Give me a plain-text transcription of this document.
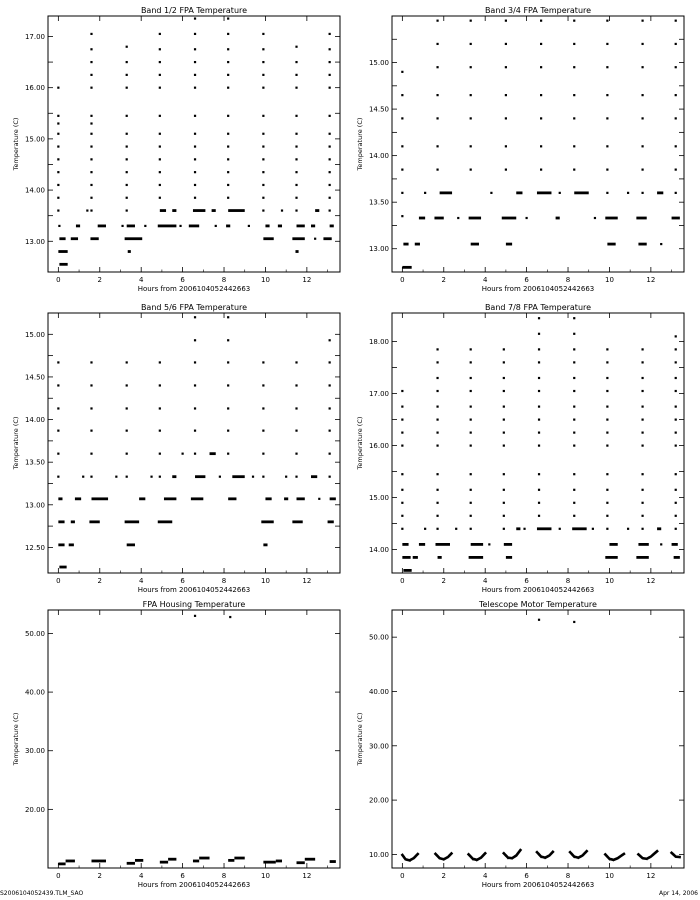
Band 1/2 FPA Temperature
0	2	4	6	8	10	12
Hours from 2006104052442663
13.00
14.00
15.00
16.00
17.00
Temperature (C)
Band 3/4 FPA Temperature
0	2	4	6	8	10	12
Hours from 2006104052442663
13.00
13.50
14.00
14.50
15.00
Temperature (C)
Band 5/6 FPA Temperature
0	2	4	6	8	10	12
Hours from 2006104052442663
12.50
13.00
13.50
14.00
14.50
15.00
Temperature (C)
Band 7/8 FPA Temperature
0	2	4	6	8	10	12
Hours from 2006104052442663
14.00
15.00
16.00
17.00
18.00
Temperature (C)
FPA Housing Temperature
0	2	4	6	8	10	12
Hours from 2006104052442663
20.00
30.00
40.00
50.00
Temperature (C)
Telescope Motor Temperature
0	2	4	6	8	10	12
Hours from 2006104052442663
10.00
20.00
30.00
40.00
50.00
Temperature (C)
S2006104052439.TLM_SAO	Apr 14, 2006
